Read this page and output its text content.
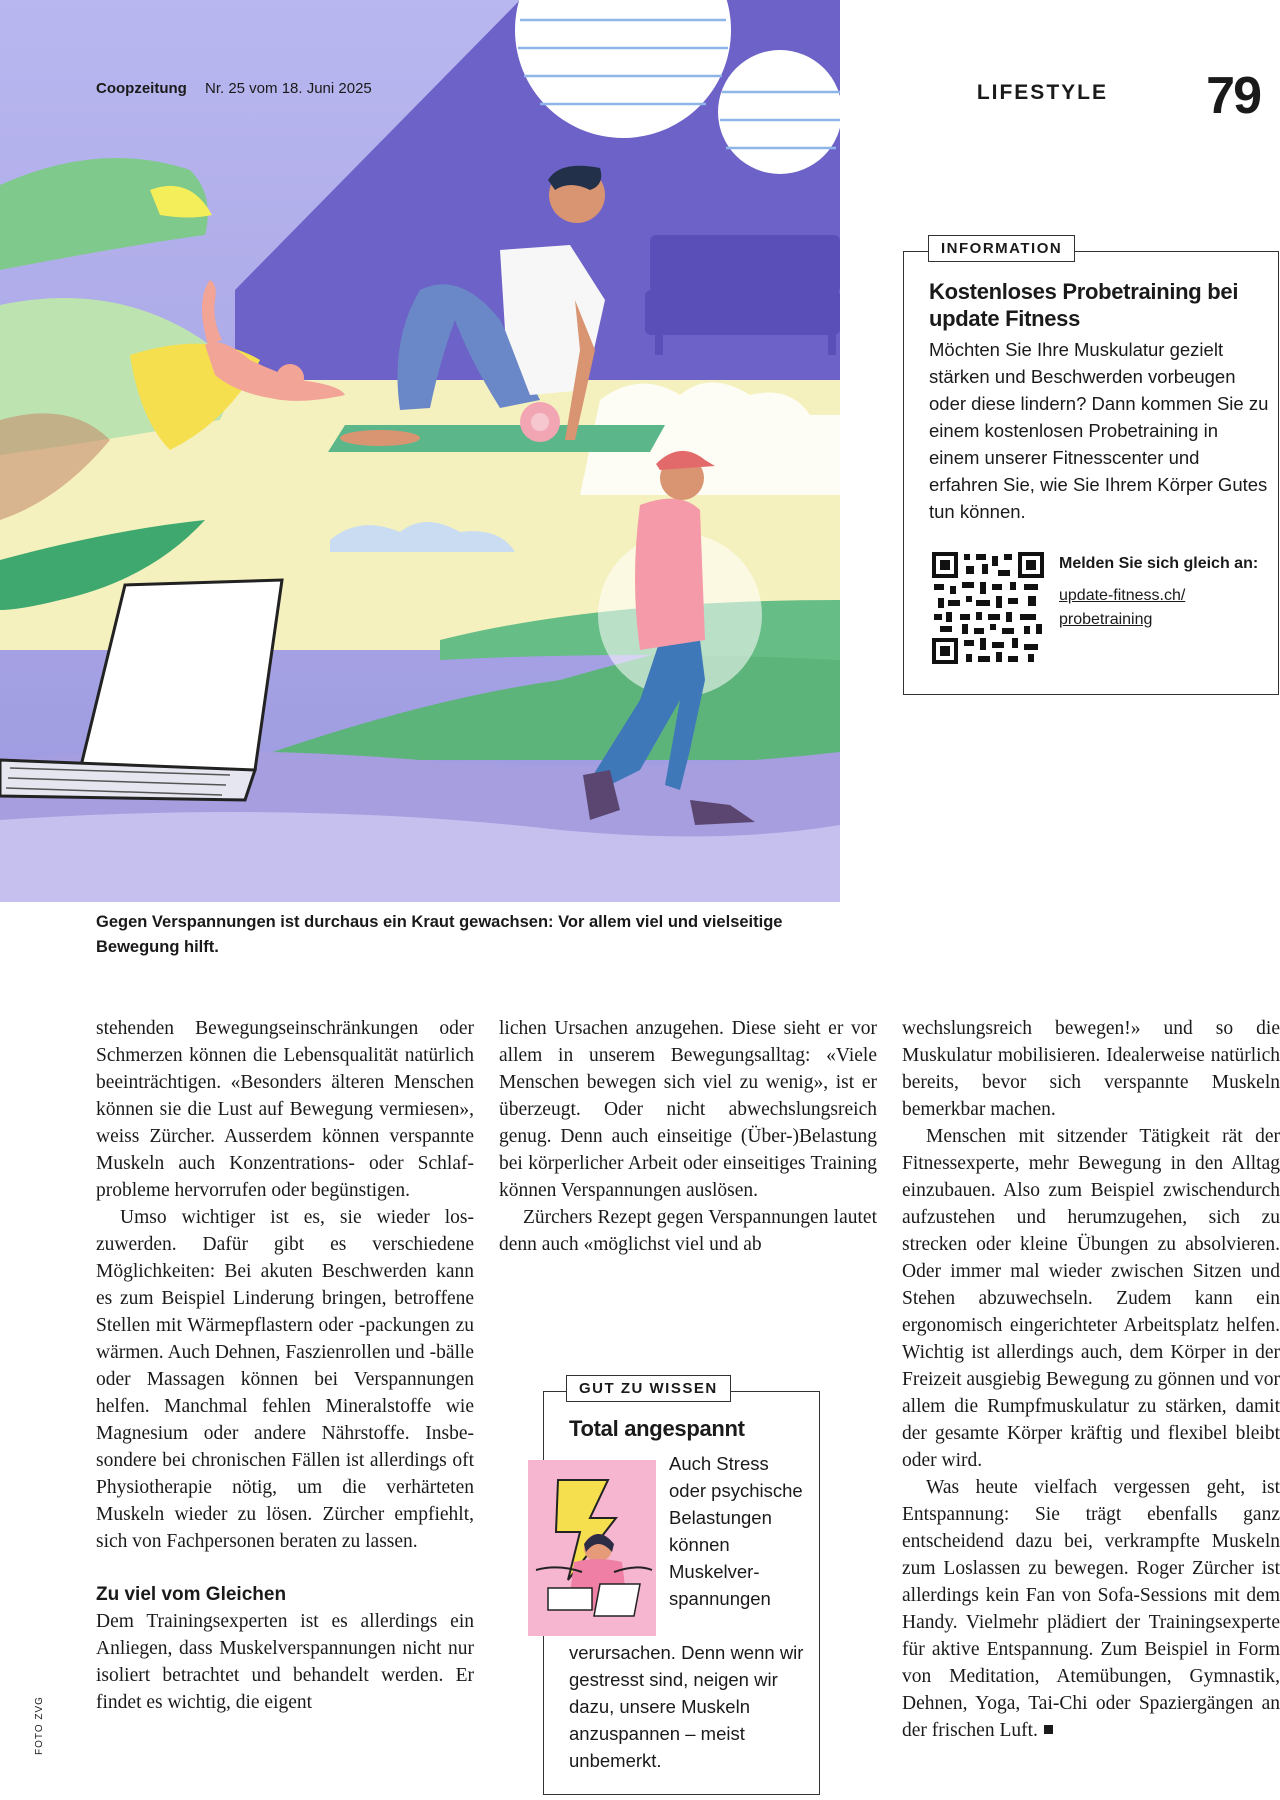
Coopzeitung Nr. 25 vom 18. Juni 2025	LIFESTYLE 79
INFORMATION
Kostenloses Probetraining bei update Fitness

Möchten Sie Ihre Muskulatur gezielt stärken und Beschwerden vorbeugen oder diese lindern? Dann kommen Sie zu einem kostenlosen Probetraining in einem unserer Fitnesscenter und erfahren Sie, wie Sie Ihrem Körper Gutes tun können.

Melden Sie sich gleich an:
update-fitness.ch/ probetraining
Gegen Verspannungen ist durchaus ein Kraut gewachsen: Vor allem viel und vielseitige Bewegung hilft.

stehenden Bewegungseinschränkungen oder Schmerzen können die Lebensqualität natürlich beeinträchtigen. «Besonders älteren Menschen können sie die Lust auf Bewegung vermiesen», weiss Zürcher. Ausserdem können verspannte Muskeln auch Konzentrations- oder Schlafprobleme hervorrufen oder begünstigen.

Umso wichtiger ist es, sie wieder loszuwerden. Dafür gibt es verschiedene Möglichkeiten: Bei akuten Beschwerden kann es zum Beispiel Linderung bringen, betroffene Stellen mit Wärmepflastern oder -packungen zu wärmen. Auch Dehnen, Faszienrollen und -bälle oder Massagen können bei Verspannungen helfen. Manchmal fehlen Mineralstoffe wie Magnesium oder andere Nährstoffe. Insbesondere bei chronischen Fällen ist allerdings oft Physiotherapie nötig, um die verhärteten Muskeln wieder zu lösen. Zürcher empfiehlt, sich von Fachpersonen beraten zu lassen.

Zu viel vom Gleichen

Dem Trainingsexperten ist es allerdings ein Anliegen, dass Muskelverspannungen nicht nur isoliert betrachtet und behandelt werden. Er findet es wichtig, die eigent

lichen Ursachen anzugehen. Diese sieht er vor allem in unserem Bewegungsalltag: «Viele Menschen bewegen sich viel zu wenig», ist er überzeugt. Oder nicht abwechslungsreich genug. Denn auch einseitige (Über-)Belastung bei körperlicher Arbeit oder einseitiges Training können Verspannungen auslösen.

Zürchers Rezept gegen Verspannungen lautet denn auch «möglichst viel und ab

wechslungsreich bewegen!» und so die Muskulatur mobilisieren. Idealerweise natürlich bereits, bevor sich verspannte Muskeln bemerkbar machen.

Menschen mit sitzender Tätigkeit rät der Fitnessexperte, mehr Bewegung in den Alltag einzubauen. Also zum Beispiel zwischendurch aufzustehen und herumzugehen, sich zu strecken oder kleine Übungen zu absolvieren. Oder immer mal wieder zwischen Sitzen und Stehen abzuwechseln. Zudem kann ein ergonomisch eingerichteter Arbeitsplatz helfen. Wichtig ist allerdings auch, dem Körper in der Freizeit ausgiebig Bewegung zu gönnen und vor allem die Rumpfmuskulatur zu stärken, damit der gesamte Körper kräftig und flexibel bleibt oder wird.

Was heute vielfach vergessen geht, ist Entspannung: Sie trägt ebenfalls ganz entscheidend dazu bei, verkrampfte Muskeln zum Loslassen zu bewegen. Roger Zürcher ist allerdings kein Fan von Sofa-Sessions mit dem Handy. Vielmehr plädiert der Trainingsexperte für aktive Entspannung. Zum Beispiel in Form von Meditation, Atemübungen, Gymnastik, Dehnen, Yoga, Tai-Chi oder Spaziergängen an der frischen Luft.

GUT ZU WISSEN
Total angespannt
Auch Stress oder psychische Belastungen können Muskelverspannungen
verursachen. Denn wenn wir gestresst sind, neigen wir dazu, unsere Muskeln anzuspannen – meist unbemerkt.
FOTO ZVG
